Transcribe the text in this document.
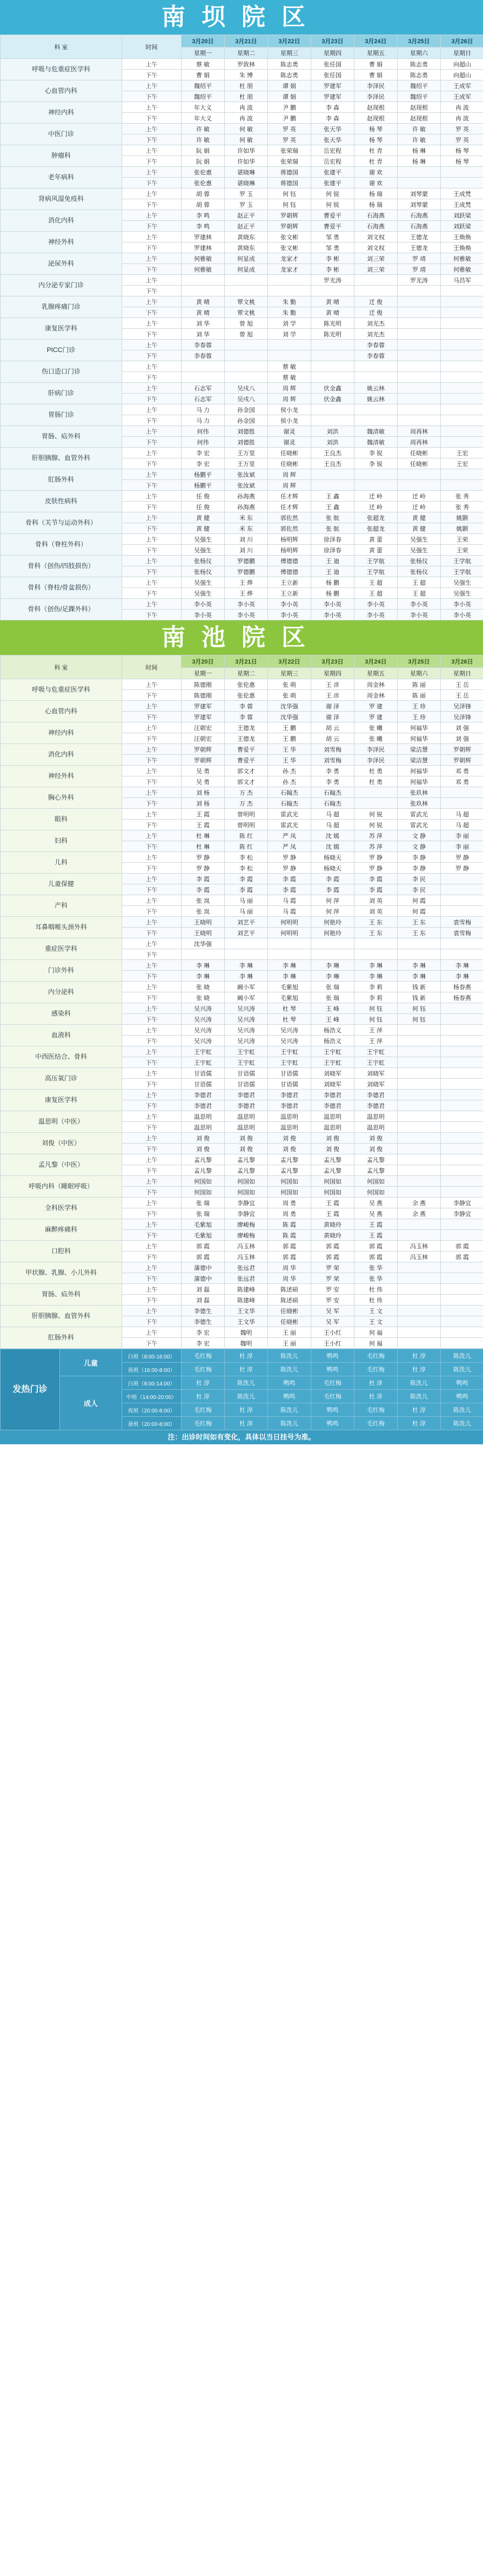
南坝院区
科 室	时间	3月20日	3月21日	3月22日	3月23日	3月24日	3月25日	3月26日
		星期一	星期二	星期三	星期四	星期五	星期六	星期日
呼吸与危重症医学科	上午	蔡 敏	罗致林	陈志勇	张任国	曹 娟	陈志勇	向超山
	下午	曹 娟	朱 博	陈志勇	张任国	曹 娟	陈志勇	向超山
心血管内科	上午	魏绍平	杜 朋	谭 娟	罗建军	李泽民	魏绍平	王成军
	下午	魏绍平	杜 朋	谭 娟	罗建军	李泽民	魏绍平	王成军
神经内科	上午	年大义	冉 波	尹 鹏	李 森	赵现根	赵现根	冉 波
	下午	年大义	冉 波	尹 鹏	李 森	赵现根	赵现根	冉 波
中医门诊	上午	许 敏	何 敏	罗 英	张天华	杨 琴	许 敏	罗 英
	下午	许 敏	何 敏	罗 英	张天华	杨 琴	许 敏	罗 英
肿瘤科	上午	阮 娟	许如华	张荣瑞	岳宏程	杜 青	杨 琳	杨 琴
	下午	阮 娟	许如华	张荣瑞	岳宏程	杜 青	杨 琳	杨 琴
老年病科	上午	张伦惠	谌晓琳	蒋德国	张建平	谢 欢		
	下午	张伦惠	谌晓琳	蒋德国	张建平	谢 欢		
肾病风湿免疫科	上午	胡 蓉	罗 玉	何 钰	何 锐	杨 瑞	刘琴蒙	王成梵
	下午	胡 蓉	罗 玉	何 钰	何 锐	杨 瑞	刘琴蒙	王成梵
消化内科	上午	李 鸣	赵正平	罗朝辉	曹爱平	石海燕	石海燕	刘跃梁
	下午	李 鸣	赵正平	罗朝辉	曹爱平	石海燕	石海燕	刘跃梁
神经外科	上午	罗建林	黄晓东	张文彬	邹 勇	刘文权	王德龙	王焕焕
	下午	罗建林	黄晓东	张文彬	邹 勇	刘文权	王德龙	王焕焕
泌尿外科	上午	何雅敏	何显成	龙家才	李 彬	刘三荣	罗 靖	何雅敏
	下午	何雅敏	何显成	龙家才	李 彬	刘三荣	罗 靖	何雅敏
内分泌专家门诊	上午				罗光涛		罗光涛	马昌军
	下午							
乳腺疼痛门诊	上午	黄 晴	覃文桃	朱 勤	黄 晴	迁 俊		
	下午	黄 晴	覃文桃	朱 勤	黄 晴	迁 俊		
康复医学科	上午	刘 华	曾 旭	刘 学	陈光明	刘光杰		
	下午	刘 华	曾 旭	刘 学	陈光明	刘光杰		
PICC门诊	上午	李春蓉				李春蓉		
	下午	李春蓉				李春蓉		
伤口造口门诊	上午			蔡 敏				
	下午			蔡 敏				
肝病门诊	上午	石志军	吴戌八	周 辉	伏金鑫	姚云林		
	下午	石志军	吴戌八	周 辉	伏金鑫	姚云林		
胃肠门诊	上午	马 力	孙金国	侯小龙				
	下午	马 力	孙金国	侯小龙				
胃肠、疝外科	上午	何伟	刘德胜	谢灵	刘洪	魏清敏	周再林	
	下午	何伟	刘德胜	谢灵	刘洪	魏清敏	周再林	
肝胆胰腺、血管外科	上午	李 宏	王万里	任晓彬	王良杰	李 锐	任晓彬	王宏
	下午	李 宏	王万里	任晓彬	王良杰	李 锐	任晓彬	王宏
肛肠外科	上午	杨鹏平	张汝斌	周 辉				
	下午	杨鹏平	张汝斌	周 辉				
皮肤性病科	上午	任 俊	孙海燕	任才辉	王 鑫	迁 岭	迁 岭	张 秀
	下午	任 俊	孙海燕	任才辉	王 鑫	迁 岭	迁 岭	张 秀
骨科（关节与运动外科）	上午	黄 健	米 东	郭佐然	张 航	张超龙	黄 健	姚颢
	下午	黄 健	米 东	郭佐然	张 航	张超龙	黄 健	姚颢
骨科（脊柱外科）	上午	吴强生	刘 川	杨明辉	徐泽春	黄 蕾	吴强生	王荣
	下午	吴强生	刘 川	杨明辉	徐泽春	黄 蕾	吴强生	王荣
骨科（创伤/四肢损伤）	上午	张杨仪	罗德鹏	傅德德	王 迪	王学航	张杨仪	王学航
	下午	张杨仪	罗德鹏	傅德德	王 迪	王学航	张杨仪	王学航
骨科（脊柱/骨盆损伤）	上午	吴强生	王 烨	王立新	杨 鹏	王 超	王 超	吴强生
	下午	吴强生	王 烨	王立新	杨 鹏	王 超	王 超	吴强生
骨科（创伤/足踝外科）	上午	李小英	李小英	李小英	李小英	李小英	李小英	李小英
	下午	李小英	李小英	李小英	李小英	李小英	李小英	李小英
南池院区
科 室	时间	3月20日	3月21日	3月22日	3月23日	3月24日	3月25日	3月26日
		星期一	星期二	星期三	星期四	星期五	星期六	星期日
呼吸与危重症医学科	上午	陈德刚	张伦惠	张 萌	王 彦	周金林	陈 丽	王 岳
	下午	陈德刚	张伦惠	张 萌	王 彦	周金林	陈 丽	王 岳
心血管内科	上午	罗建军	李 蓉	沈华强	谢 泽	罗 建	王 珍	吴泽锋
	下午	罗建军	李 蓉	沈华强	谢 泽	罗 建	王 珍	吴泽锋
神经内科	上午	汪朝宏	王德龙	王 鹏	胡 云	张 曦	何福华	刘 强
	下午	汪朝宏	王德龙	王 鹏	胡 云	张 曦	何福华	刘 强
消化内科	上午	罗朝辉	曹爱平	王 华	刘雪梅	李泽民	梁洁慧	罗朝辉
	下午	罗朝辉	曹爱平	王 华	刘雪梅	李泽民	梁洁慧	罗朝辉
神经外科	上午	吴 勇	郭文才	孙 杰	李 勇	杜 勇	何福华	邓 勇
	下午	吴 勇	郭文才	孙 杰	李 勇	杜 勇	何福华	邓 勇
胸心外科	上午	刘 杨	万 杰	石翰杰	石翰杰		张玖林	
	下午	刘 杨	万 杰	石翰杰	石翰杰		张玖林	
眼科	上午	王 霞	曾明明	雷武光	马 超	何 锐	雷武光	马 超
	下午	王 霞	曾明明	雷武光	马 超	何 锐	雷武光	马 超
妇科	上午	杜 琳	陈 红	严 凤	沈 嫣	苏 萍	文 静	李 丽
	下午	杜 琳	陈 红	严 凤	沈 嫣	苏 萍	文 静	李 丽
儿科	上午	罗 静	李 松	罗 静	杨晓天	罗 静	李 静	罗 静
	下午	罗 静	李 松	罗 静	杨晓天	罗 静	李 静	罗 静
儿童保健	上午	李 霞	李 霞	李 霞	李 霞	李 霞	李 民	
	下午	李 霞	李 霞	李 霞	李 霞	李 霞	李 民	
产科	上午	张 岚	马 丽	马 霞	何 萍	刘 英	何 霞	
	下午	张 岚	马 丽	马 霞	何 萍	刘 英	何 霞	
耳鼻咽喉头颈外科	上午	王晓明	刘艺平	何明明	何艳玲	王 东	王 东	袁雪梅
	下午	王晓明	刘艺平	何明明	何艳玲	王 东	王 东	袁雪梅
重症医学科	上午	沈华强						
	下午							
门诊外科	上午	李 琳	李 琳	李 琳	李 琳	李 琳	李 琳	李 琳
	下午	李 琳	李 琳	李 琳	李 琳	李 琳	李 琳	李 琳
内分泌科	上午	张 晓	阚小军	毛紫旭	张 瑞	李 莉	钱 新	杨春燕
	下午	张 晓	阚小军	毛紫旭	张 瑞	李 莉	钱 新	杨春燕
感染科	上午	吴兴涛	吴兴涛	杜 琴	王 峰	何 钰	何 钰	
	下午	吴兴涛	吴兴涛	杜 琴	王 峰	何 钰	何 钰	
血液科	上午	吴兴涛	吴兴涛	吴兴涛	杨浩义	王 萍		
	下午	吴兴涛	吴兴涛	吴兴涛	杨浩义	王 萍		
中西医结合、骨科	上午	王宇虹	王宇虹	王宇虹	王宇虹	王宇虹		
	下午	王宇虹	王宇虹	王宇虹	王宇虹	王宇虹		
高压氧门诊	上午	甘语儒	甘语儒	甘语儒	刘晓军	刘晓军		
	下午	甘语儒	甘语儒	甘语儒	刘晓军	刘晓军		
康复医学科	上午	李德君	李德君	李德君	李德君	李德君		
	下午	李德君	李德君	李德君	李德君	李德君		
温思明（中医）	上午	温思明	温思明	温思明	温思明	温思明		
	下午	温思明	温思明	温思明	温思明	温思明		
刘俊（中医）	上午	刘 俊	刘 俊	刘 俊	刘 俊	刘 俊		
	下午	刘 俊	刘 俊	刘 俊	刘 俊	刘 俊		
孟凡黎（中医）	上午	孟凡黎	孟凡黎	孟凡黎	孟凡黎	孟凡黎		
	下午	孟凡黎	孟凡黎	孟凡黎	孟凡黎	孟凡黎		
呼吸内科（睡眠呼吸）	上午	何国如	何国如	何国如	何国如	何国如		
	下午	何国如	何国如	何国如	何国如	何国如		
全科医学科	上午	张 瑞	李静宜	周 勇	王 霞	吴 燕	余 燕	李静宜
	下午	张 瑞	李静宜	周 勇	王 霞	吴 燕	余 燕	李静宜
麻醉疼痛科	上午	毛紫旭	廖峻梅	陈 霞	黄晓玲	王 霞		
	下午	毛紫旭	廖峻梅	陈 霞	黄晓玲	王 霞		
口腔科	上午	郭 霞	冯玉林	郭 霞	郭 霞	郭 霞	冯玉林	郭 霞
	下午	郭 霞	冯玉林	郭 霞	郭 霞	郭 霞	冯玉林	郭 霞
甲状腺、乳腺、小儿外科	上午	蒲德中	张远君	周 华	罗 荣	张 华		
	下午	蒲德中	张远君	周 华	罗 荣	张 华		
胃肠、疝外科	上午	刘 磊	陈建峰	陈述硕	罗 安	杜 伟		
	下午	刘 磊	陈建峰	陈述硕	罗 安	杜 伟		
肝胆胰腺、血管外科	上午	李德生	王文华	任晓彬	吴 军	王 文		
	下午	李德生	王文华	任晓彬	吴 军	王 文		
肛肠外科	上午	李 宏	魏明	王 丽	王小红	何 福		
	下午	李 宏	魏明	王 丽	王小红	何 福		
发热门诊	儿童	白班（8:00-16:00）	毛红梅	杜 淳	陈洗儿	鸭鸣	毛红梅	杜 淳	陈洗儿
		夜班（16:00-8:00）	毛红梅	杜 淳	陈洗儿	鸭鸣	毛红梅	杜 淳	陈洗儿
	成人	白班（8:00-14:00）	杜 淳	陈洗儿	鸭鸣	毛红梅	杜 淳	陈洗儿	鸭鸣
		中班（14:00-20:00）	杜 淳	陈洗儿	鸭鸣	毛红梅	杜 淳	陈洗儿	鸭鸣
		夜班（20:00-8:00）	毛红梅	杜 淳	陈洗儿	鸭鸣	毛红梅	杜 淳	陈洗儿
		备班（20:00-8:00）	毛红梅	杜 淳	陈洗儿	鸭鸣	毛红梅	杜 淳	陈洗儿
注：出诊时间如有变化，具体以当日挂号为准。
